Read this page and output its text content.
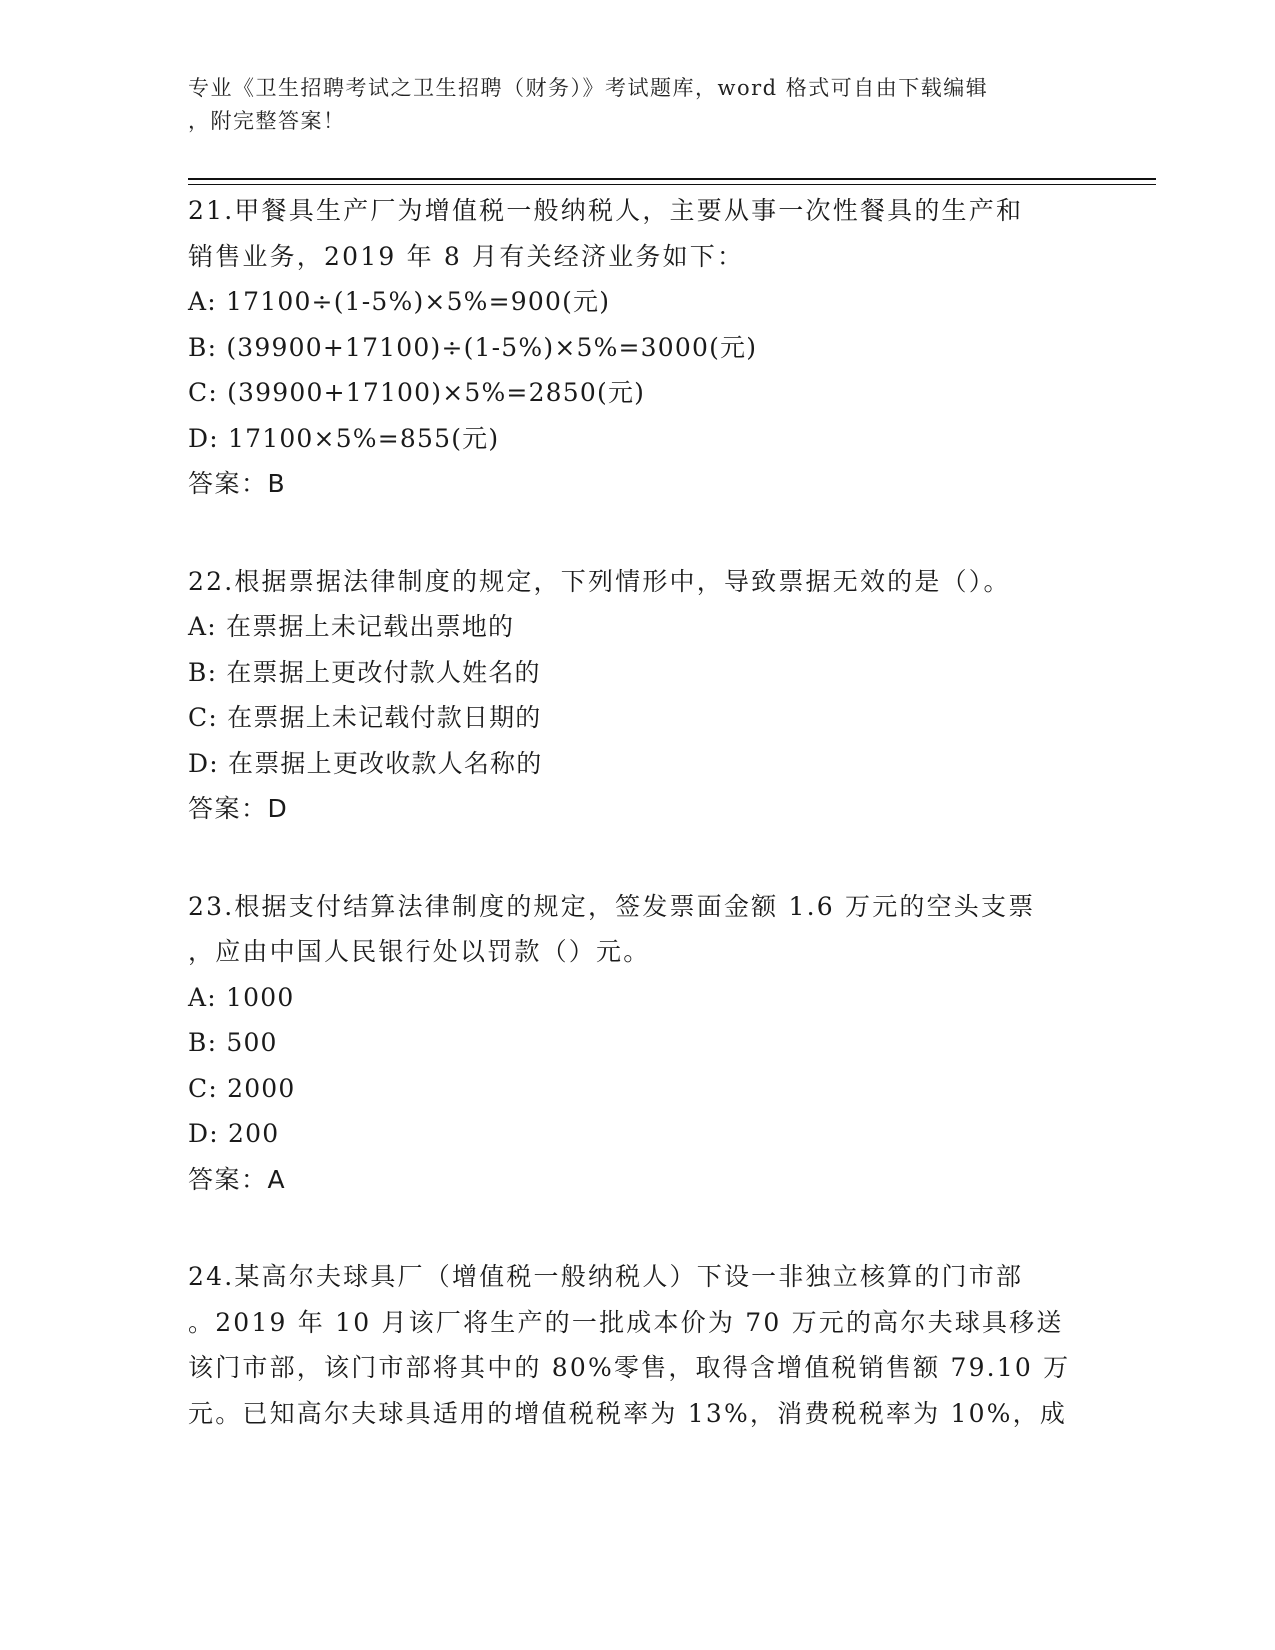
专业《卫生招聘考试之卫生招聘（财务）》考试题库，word 格式可自由下载编辑
，附完整答案！
21.甲餐具生产厂为增值税一般纳税人，主要从事一次性餐具的生产和
销售业务，2019 年 8 月有关经济业务如下：
A: 17100÷(1-5%)×5%=900(元)
B: (39900+17100)÷(1-5%)×5%=3000(元)
C: (39900+17100)×5%=2850(元)
D: 17100×5%=855(元)
答案：B
22.根据票据法律制度的规定，下列情形中，导致票据无效的是（）。
A: 在票据上未记载出票地的
B: 在票据上更改付款人姓名的
C: 在票据上未记载付款日期的
D: 在票据上更改收款人名称的
答案：D
23.根据支付结算法律制度的规定，签发票面金额 1.6 万元的空头支票
，应由中国人民银行处以罚款（）元。
A: 1000
B: 500
C: 2000
D: 200
答案：A
24.某高尔夫球具厂（增值税一般纳税人）下设一非独立核算的门市部
。2019 年 10 月该厂将生产的一批成本价为 70 万元的高尔夫球具移送
该门市部，该门市部将其中的 80%零售，取得含增值税销售额 79.10 万
元。已知高尔夫球具适用的增值税税率为 13%，消费税税率为 10%，成
